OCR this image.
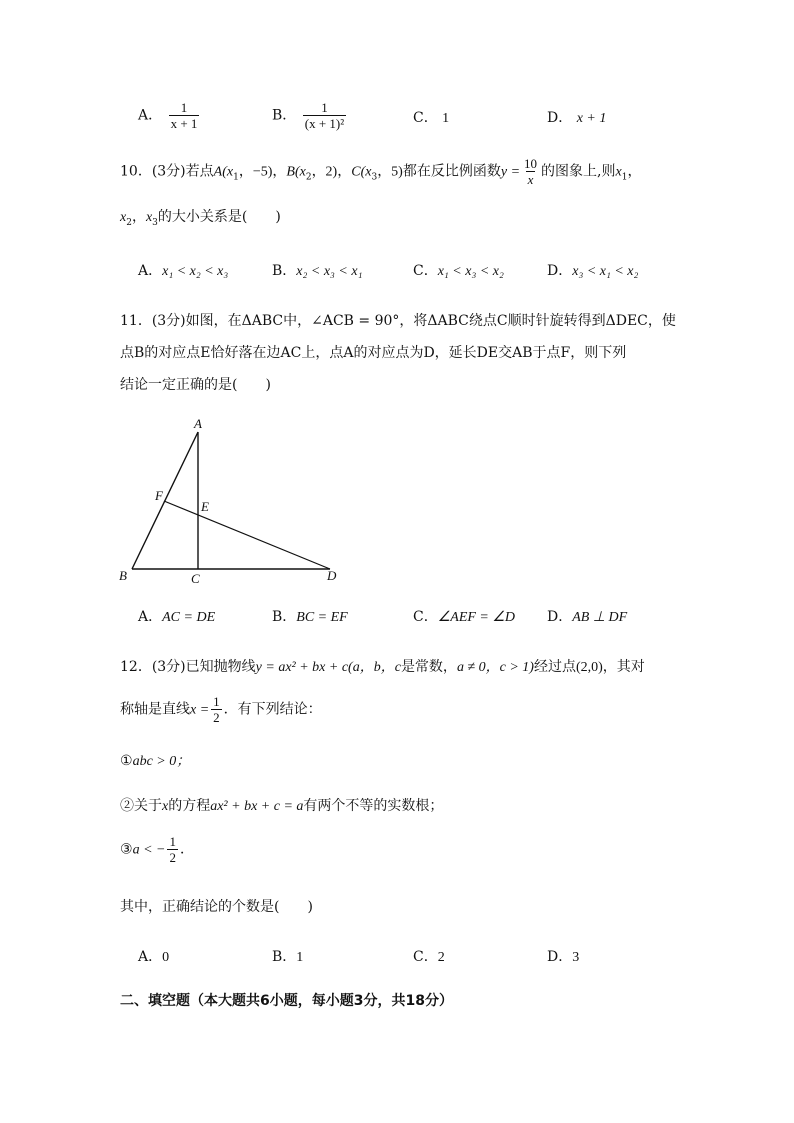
A． $\frac{1}{x + 1}$	B． $\frac{1}{\text{(x + 1)²}}$	C． 1	D． x + 1
10．(3分)若点$A(x_1$，−5)，$B(x_2$，2)，$C(x_3$，5)都在反比例函数$y = \frac{10}{x}$ 的图象上,则$x_1$，
$x_2$，$x_3$的大小关系是(　　)
A．x₁ < x₂ < x₃	B．x₂ < x₃ < x₁	C．x₁ < x₃ < x₂	D．x₃ < x₁ < x₂
11．(3分)如图，在ΔABC中，∠ACB = 90°，将ΔABC绕点C顺时针旋转得到ΔDEC，使
点B的对应点E恰好落在边AC上，点A的对应点为D，延长DE交AB于点F，则下列
结论一定正确的是(　　)
A
B	C	D
E
F
A．AC = DE	B．BC = EF	C．∠AEF = ∠D D．AB ⊥ DF
12．(3分)已知抛物线y = ax² + bx + c(a，b，c是常数，a ≠ 0，c > 1)经过点(2,0)，其对
称轴是直线$x = \frac{1}{2}$ ．有下列结论：
①abc > 0；
②关于x的方程ax² + bx + c = a有两个不等的实数根；
③a < − $\frac{1}{2}$ ．
其中，正确结论的个数是(　　)
A．0	B．1	C．2	D．3
二、填空题（本大题共6小题，每小题3分，共18分）
